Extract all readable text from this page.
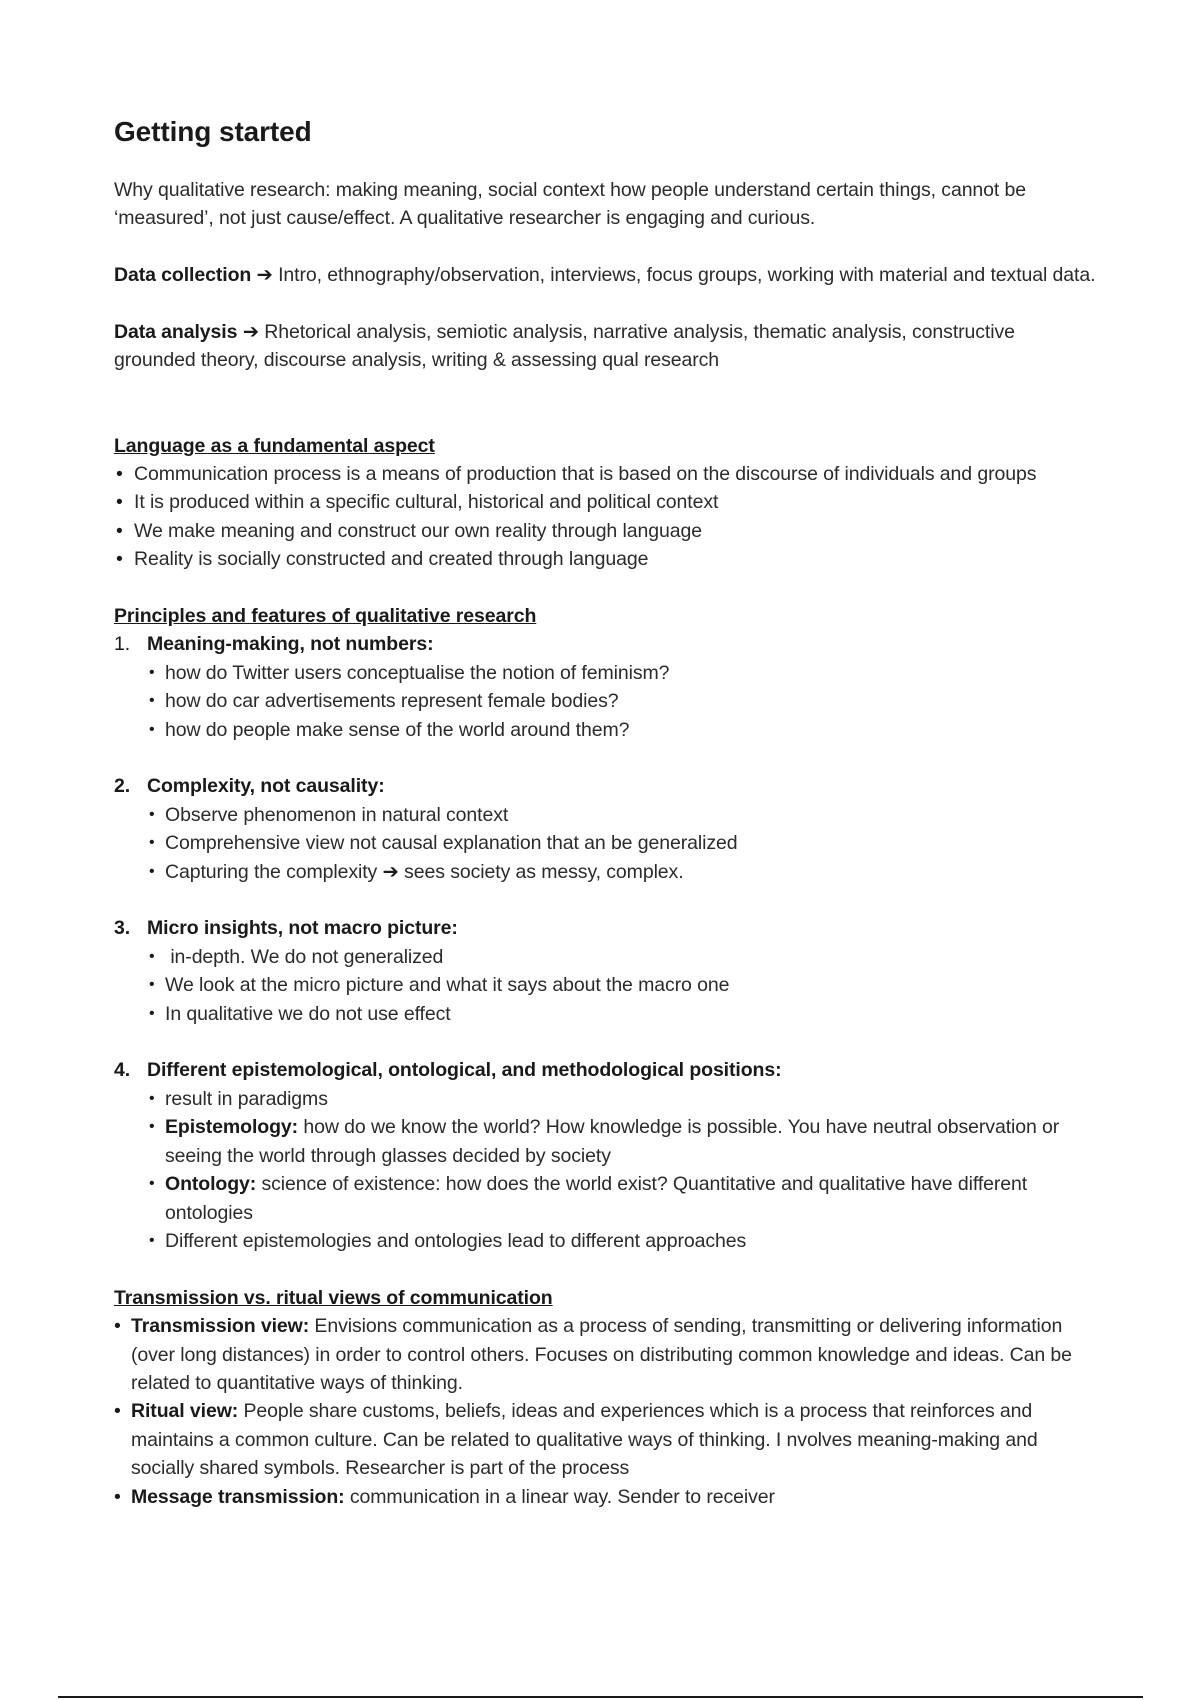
Getting started

Why qualitative research: making meaning, social context how people understand certain things, cannot be ‘measured’, not just cause/effect. A qualitative researcher is engaging and curious.

Data collection ➔ Intro, ethnography/observation, interviews, focus groups, working with material and textual data.

Data analysis ➔ Rhetorical analysis, semiotic analysis, narrative analysis, thematic analysis, constructive grounded theory, discourse analysis, writing & assessing qual research

Language as a fundamental aspect
• Communication process is a means of production that is based on the discourse of individuals and groups
• It is produced within a specific cultural, historical and political context
• We make meaning and construct our own reality through language
• Reality is socially constructed and created through language
Principles and features of qualitative research
1. Meaning-making, not numbers:
• how do Twitter users conceptualise the notion of feminism?
• how do car advertisements represent female bodies?
• how do people make sense of the world around them?
2. Complexity, not causality:
• Observe phenomenon in natural context
• Comprehensive view not causal explanation that an be generalized
• Capturing the complexity ➔ sees society as messy, complex.
3. Micro insights, not macro picture:
•  in-depth. We do not generalized
• We look at the micro picture and what it says about the macro one
• In qualitative we do not use effect
4. Different epistemological, ontological, and methodological positions:
• result in paradigms
• Epistemology: how do we know the world? How knowledge is possible. You have neutral observation or seeing the world through glasses decided by society
• Ontology: science of existence: how does the world exist? Quantitative and qualitative have different ontologies
• Different epistemologies and ontologies lead to different approaches
Transmission vs. ritual views of communication
• Transmission view: Envisions communication as a process of sending, transmitting or delivering information (over long distances) in order to control others. Focuses on distributing common knowledge and ideas. Can be related to quantitative ways of thinking.
• Ritual view: People share customs, beliefs, ideas and experiences which is a process that reinforces and maintains a common culture. Can be related to qualitative ways of thinking. I nvolves meaning-making and socially shared symbols. Researcher is part of the process
• Message transmission: communication in a linear way. Sender to receiver
